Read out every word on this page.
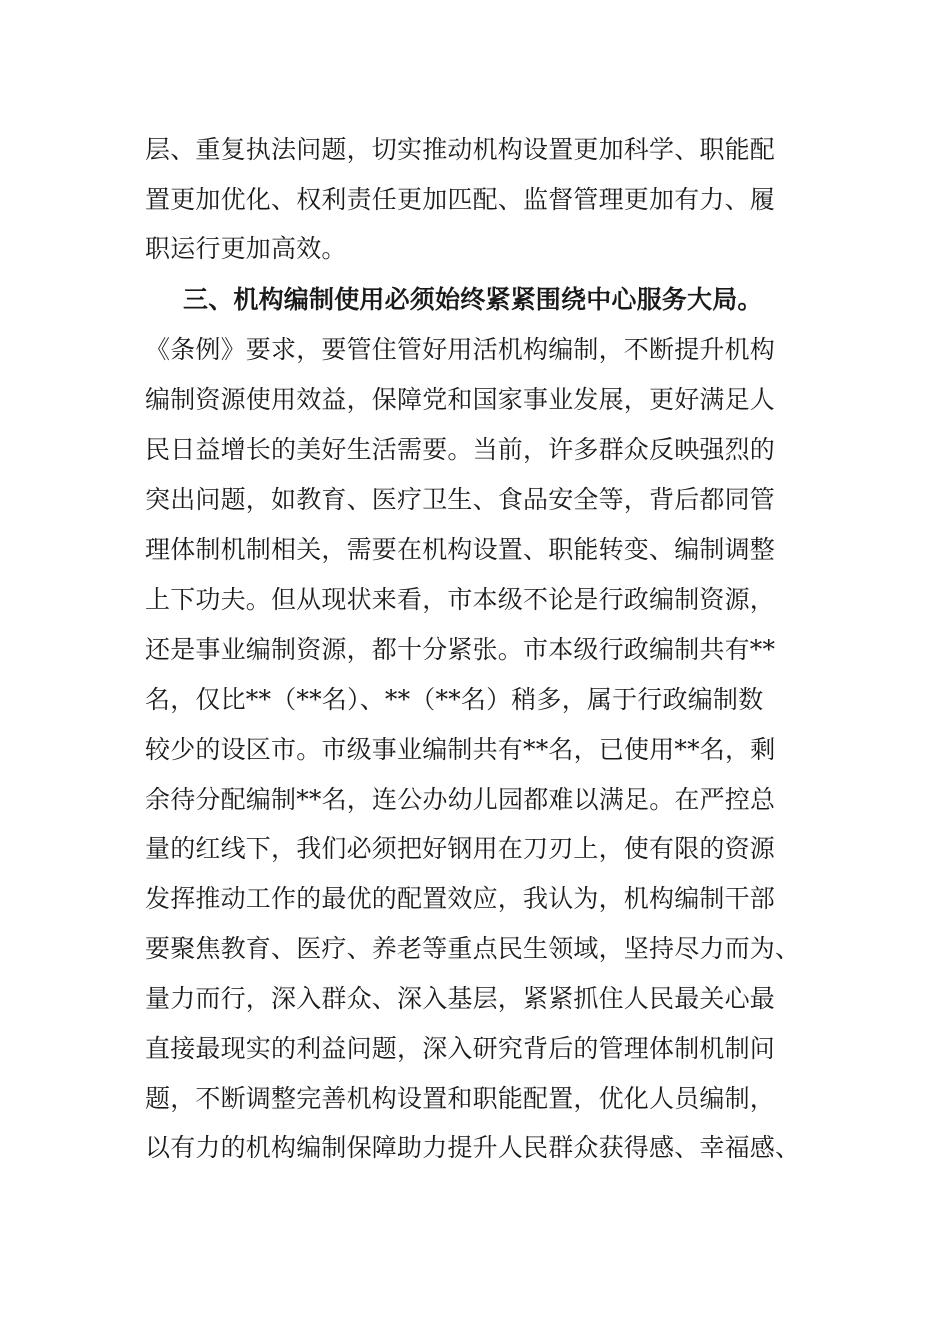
层、重复执法问题，切实推动机构设置更加科学、职能配
置更加优化、权利责任更加匹配、监督管理更加有力、履
职运行更加高效。
三、机构编制使用必须始终紧紧围绕中心服务大局。
《条例》要求，要管住管好用活机构编制，不断提升机构
编制资源使用效益，保障党和国家事业发展，更好满足人
民日益增长的美好生活需要。当前，许多群众反映强烈的
突出问题，如教育、医疗卫生、食品安全等，背后都同管
理体制机制相关，需要在机构设置、职能转变、编制调整
上下功夫。但从现状来看，市本级不论是行政编制资源，
还是事业编制资源，都十分紧张。市本级行政编制共有**
名，仅比**（**名）、**（**名）稍多，属于行政编制数
较少的设区市。市级事业编制共有**名，已使用**名，剩
余待分配编制**名，连公办幼儿园都难以满足。在严控总
量的红线下，我们必须把好钢用在刀刃上，使有限的资源
发挥推动工作的最优的配置效应，我认为，机构编制干部
要聚焦教育、医疗、养老等重点民生领域，坚持尽力而为、
量力而行，深入群众、深入基层，紧紧抓住人民最关心最
直接最现实的利益问题，深入研究背后的管理体制机制问
题，不断调整完善机构设置和职能配置，优化人员编制，
以有力的机构编制保障助力提升人民群众获得感、幸福感、
